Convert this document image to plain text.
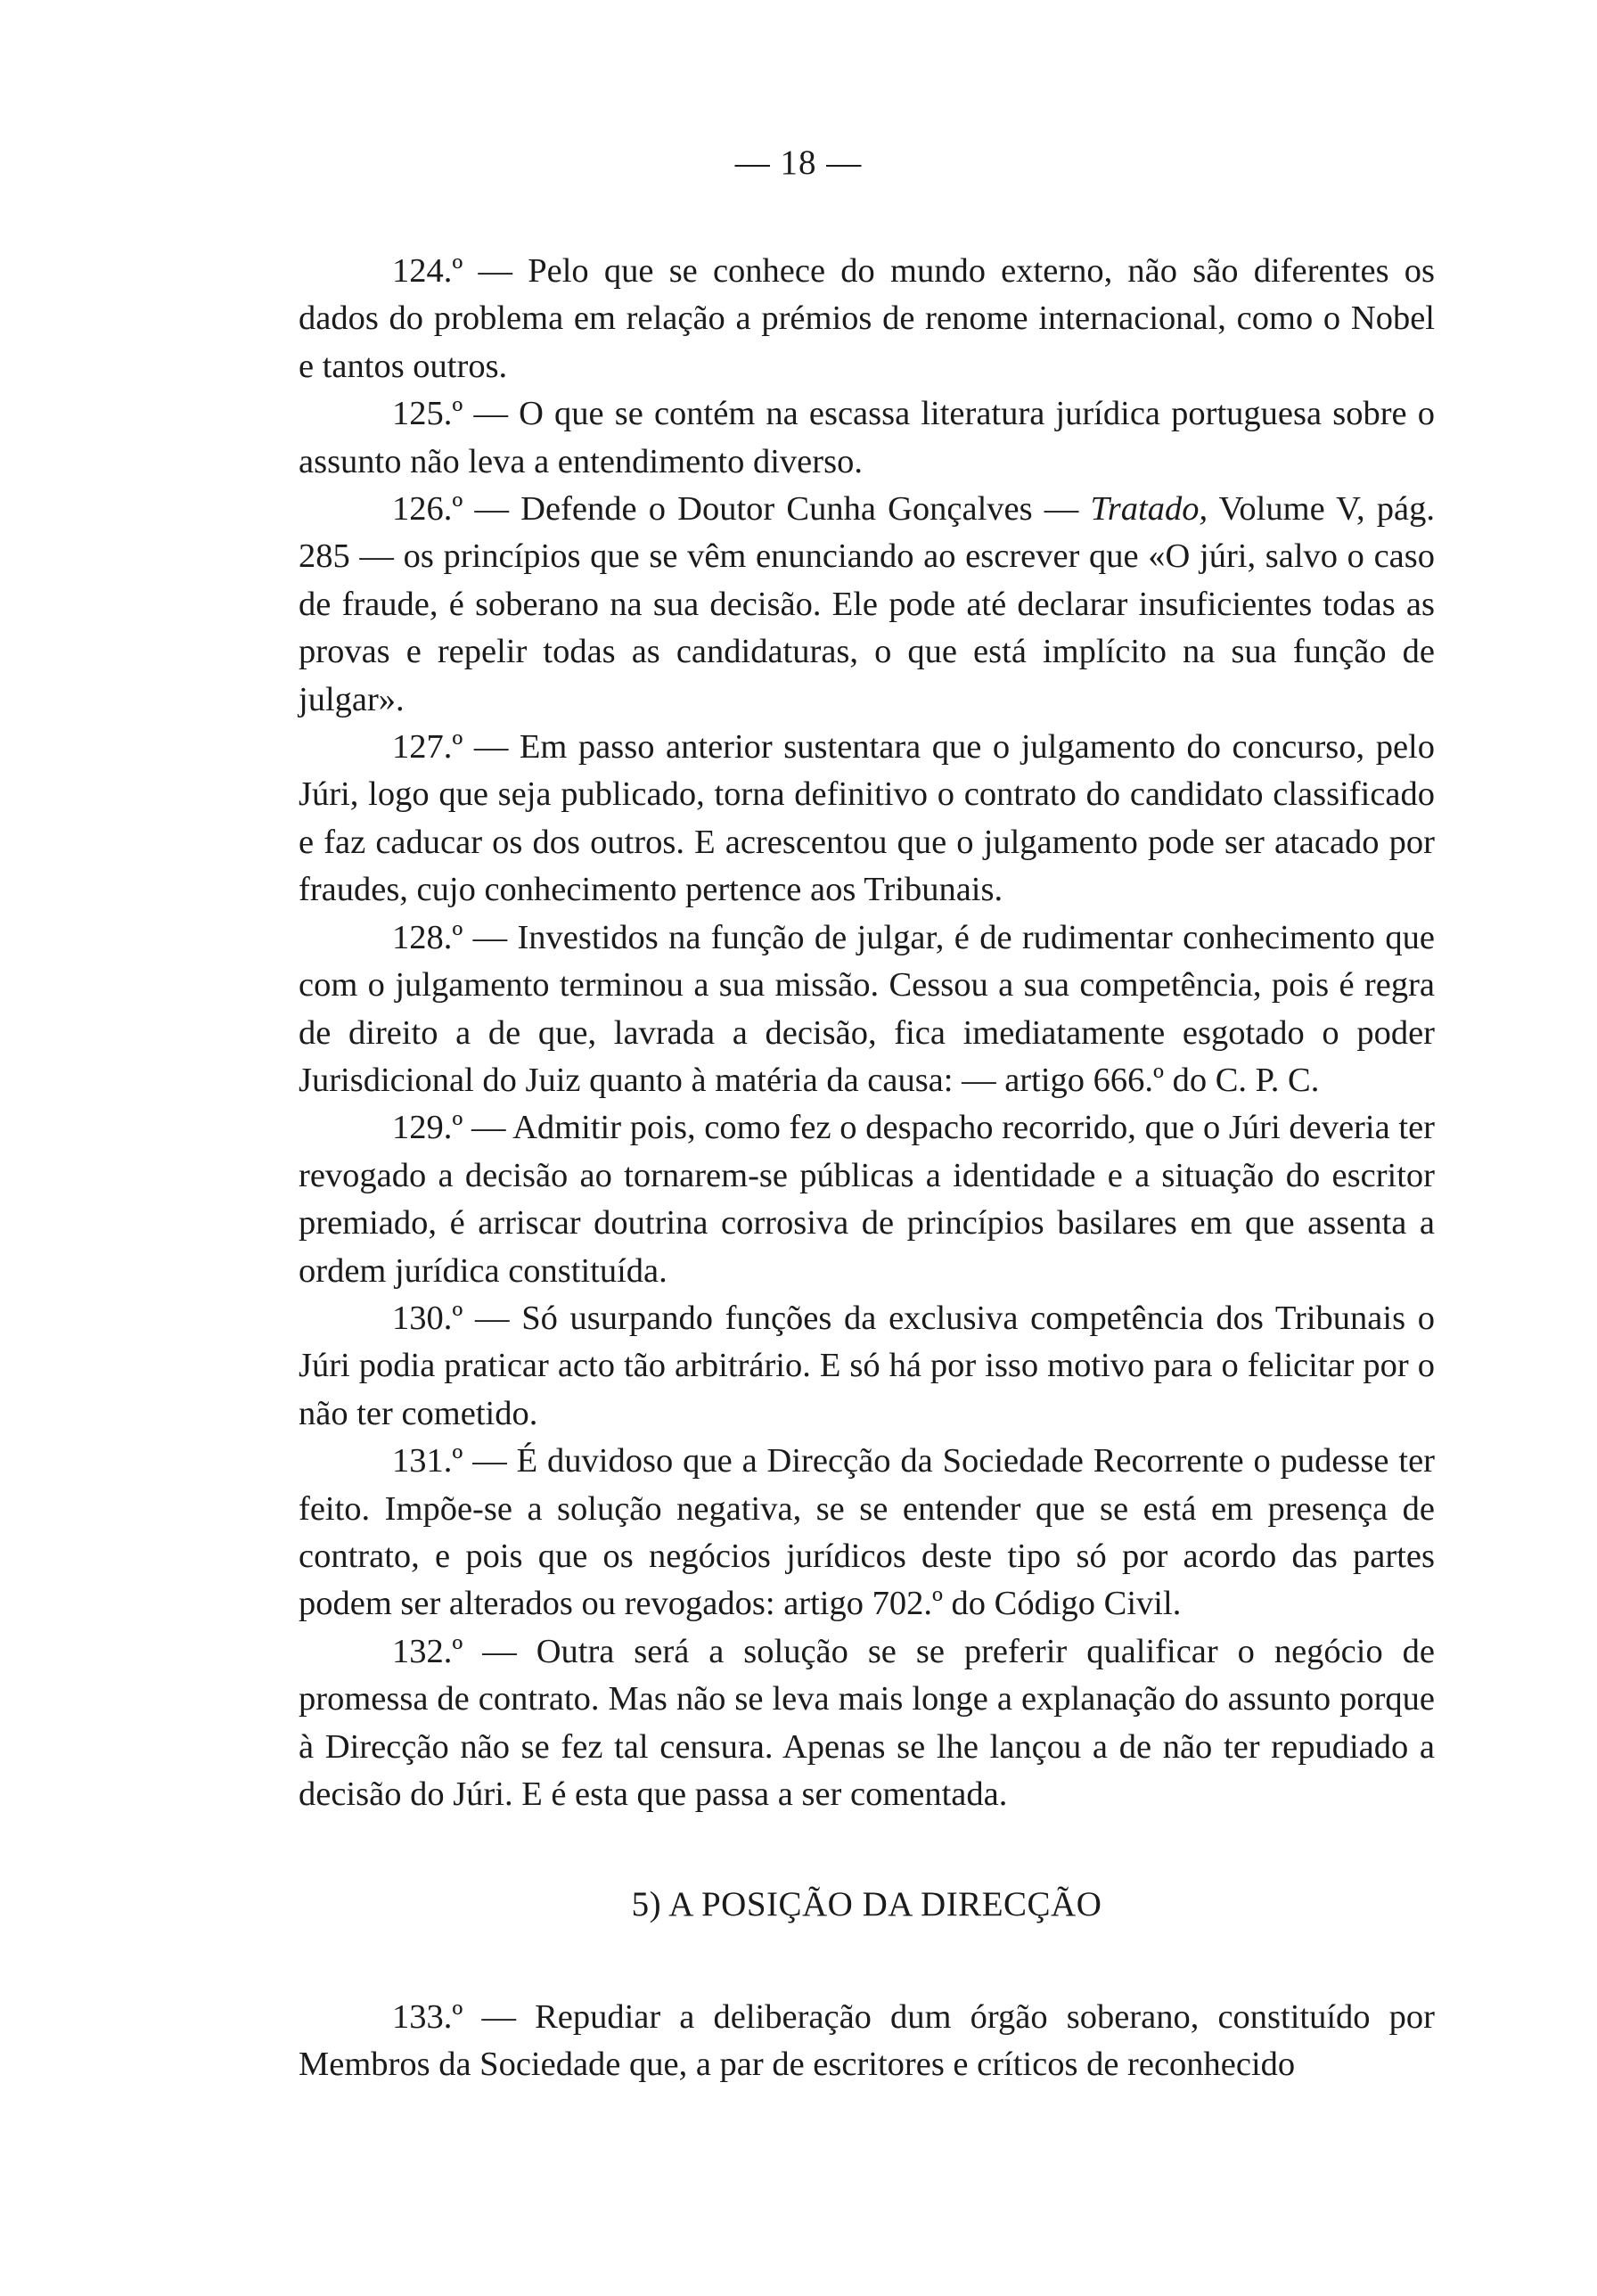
— 18 —

124.º — Pelo que se conhece do mundo externo, não são diferentes os dados do problema em relação a prémios de renome internacional, como o Nobel e tantos outros.

125.º — O que se contém na escassa literatura jurídica portuguesa sobre o assunto não leva a entendimento diverso.

126.º — Defende o Doutor Cunha Gonçalves — Tratado, Volume V, pág. 285 — os princípios que se vêm enunciando ao escrever que «O júri, salvo o caso de fraude, é soberano na sua decisão. Ele pode até declarar insuficientes todas as provas e repelir todas as candidaturas, o que está implícito na sua função de julgar».

127.º — Em passo anterior sustentara que o julgamento do concurso, pelo Júri, logo que seja publicado, torna definitivo o contrato do candidato classificado e faz caducar os dos outros. E acrescentou que o julgamento pode ser atacado por fraudes, cujo conhecimento pertence aos Tribunais.

128.º — Investidos na função de julgar, é de rudimentar conhecimento que com o julgamento terminou a sua missão. Cessou a sua competência, pois é regra de direito a de que, lavrada a decisão, fica imediatamente esgotado o poder Jurisdicional do Juiz quanto à matéria da causa: — artigo 666.º do C. P. C.

129.º — Admitir pois, como fez o despacho recorrido, que o Júri deveria ter revogado a decisão ao tornarem-se públicas a identidade e a situação do escritor premiado, é arriscar doutrina corrosiva de princípios basilares em que assenta a ordem jurídica constituída.

130.º — Só usurpando funções da exclusiva competência dos Tribunais o Júri podia praticar acto tão arbitrário. E só há por isso motivo para o felicitar por o não ter cometido.

131.º — É duvidoso que a Direcção da Sociedade Recorrente o pudesse ter feito. Impõe-se a solução negativa, se se entender que se está em presença de contrato, e pois que os negócios jurídicos deste tipo só por acordo das partes podem ser alterados ou revogados: artigo 702.º do Código Civil.

132.º — Outra será a solução se se preferir qualificar o negócio de promessa de contrato. Mas não se leva mais longe a explanação do assunto porque à Direcção não se fez tal censura. Apenas se lhe lançou a de não ter repudiado a decisão do Júri. E é esta que passa a ser comentada.

5) A POSIÇÃO DA DIRECÇÃO

133.º — Repudiar a deliberação dum órgão soberano, constituído por Membros da Sociedade que, a par de escritores e críticos de reconhecido
